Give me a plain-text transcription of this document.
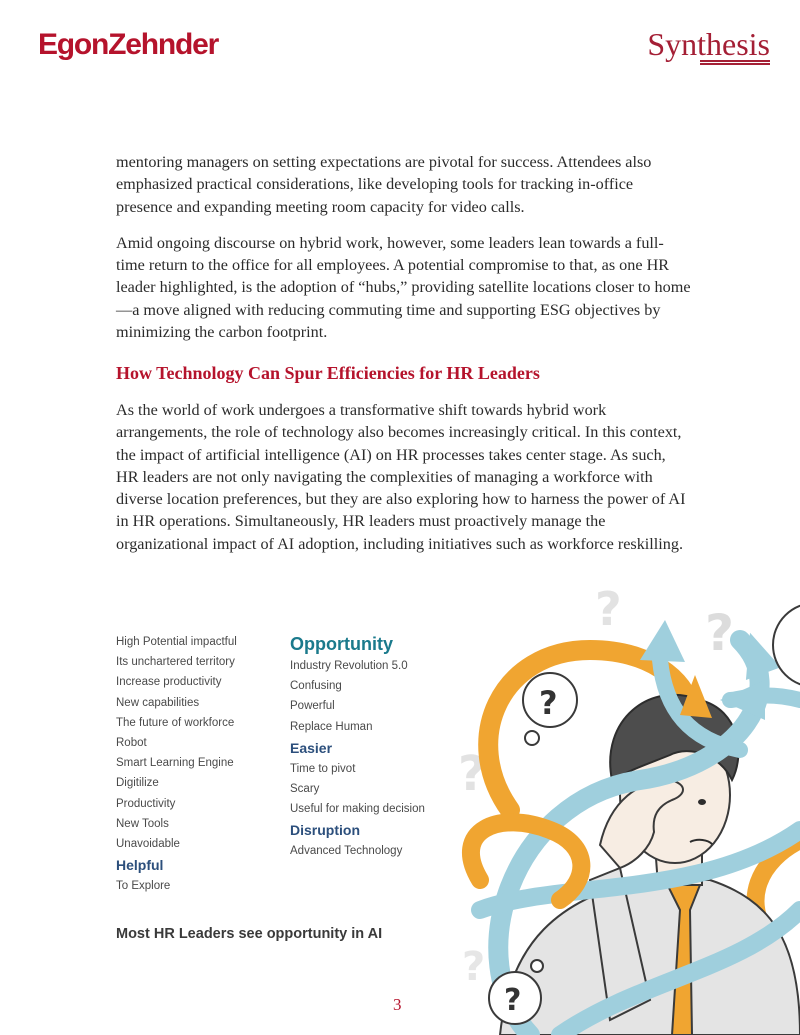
EgonZehnder	Synthesis

mentoring managers on setting expectations are pivotal for success. Attendees also emphasized practical considerations, like developing tools for tracking in-office presence and expanding meeting room capacity for video calls.

Amid ongoing discourse on hybrid work, however, some leaders lean towards a full-time return to the office for all employees. A potential compromise to that, as one HR leader highlighted, is the adoption of “hubs,” providing satellite locations closer to home—a move aligned with reducing commuting time and supporting ESG objectives by minimizing the carbon footprint.

How Technology Can Spur Efficiencies for HR Leaders

As the world of work undergoes a transformative shift towards hybrid work arrangements, the role of technology also becomes increasingly critical. In this context, the impact of artificial intelligence (AI) on HR processes takes center stage. As such, HR leaders are not only navigating the complexities of managing a workforce with diverse location preferences, but they are also exploring how to harness the power of AI in HR operations. Simultaneously, HR leaders must proactively manage the organizational impact of AI adoption, including initiatives such as workforce reskilling.

High Potential impactful
Its unchartered territory
Increase productivity
New capabilities
The future of workforce
Robot
Smart Learning Engine
Digitilize
Productivity
New Tools
Unavoidable
Helpful
To Explore
Opportunity
Industry Revolution 5.0
Confusing
Powerful
Replace Human
Easier
Time to pivot
Scary
Useful for making decision
Disruption
Advanced Technology
Most HR Leaders see opportunity in AI
? ?
?
?
?
?
3
